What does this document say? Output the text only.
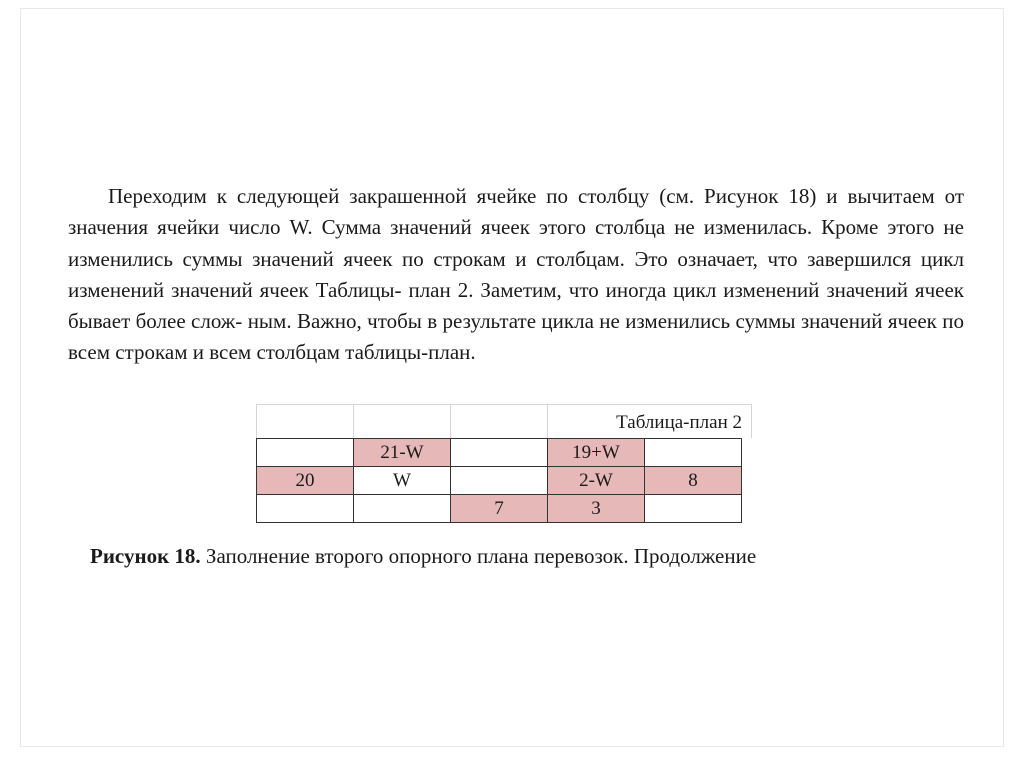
Переходим к следующей закрашенной ячейке по столбцу (см. Рисунок 18) и вычитаем от значения ячейки число W. Сумма значений ячеек этого столбца не изменилась. Кроме этого не изменились суммы значений ячеек по строкам и столбцам. Это означает, что завершился цикл изменений значений ячеек Таблицы- план 2. Заметим, что иногда цикл изменений значений ячеек бывает более слож- ным. Важно, чтобы в результате цикла не изменились суммы значений ячеек по всем строкам и всем столбцам таблицы-план.

Таблица-план 2
	21-W		19+W	
20	W		2-W	8
		7	3	

Рисунок 18. Заполнение второго опорного плана перевозок. Продолжение
